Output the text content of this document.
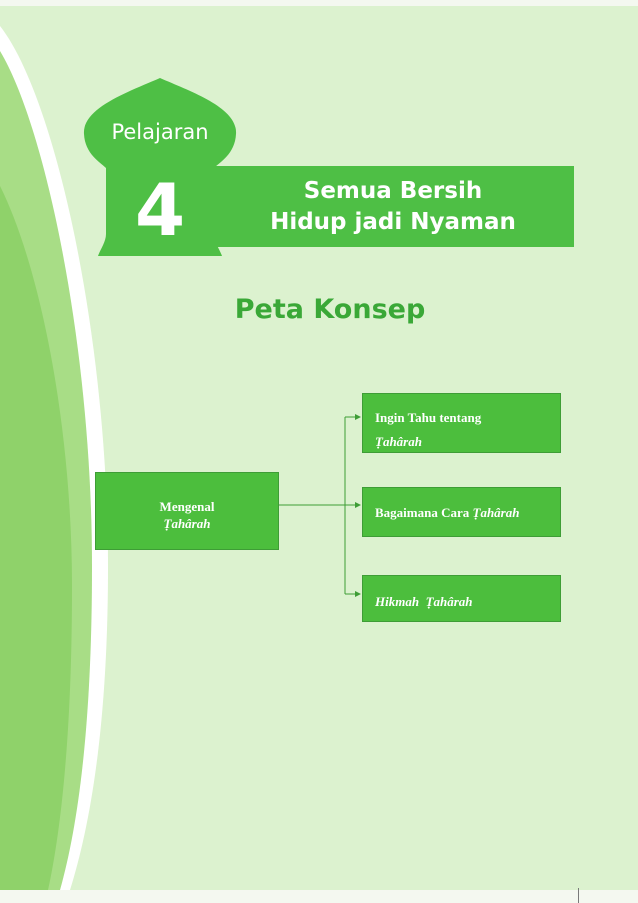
Pelajaran
4	Semua Bersih
Hidup jadi Nyaman
Peta Konsep
Mengenal
Ṭahârah
Ingin Tahu tentang
Ṭahârah
Bagaimana Cara Ṭahârah
Hikmah  Ṭahârah
